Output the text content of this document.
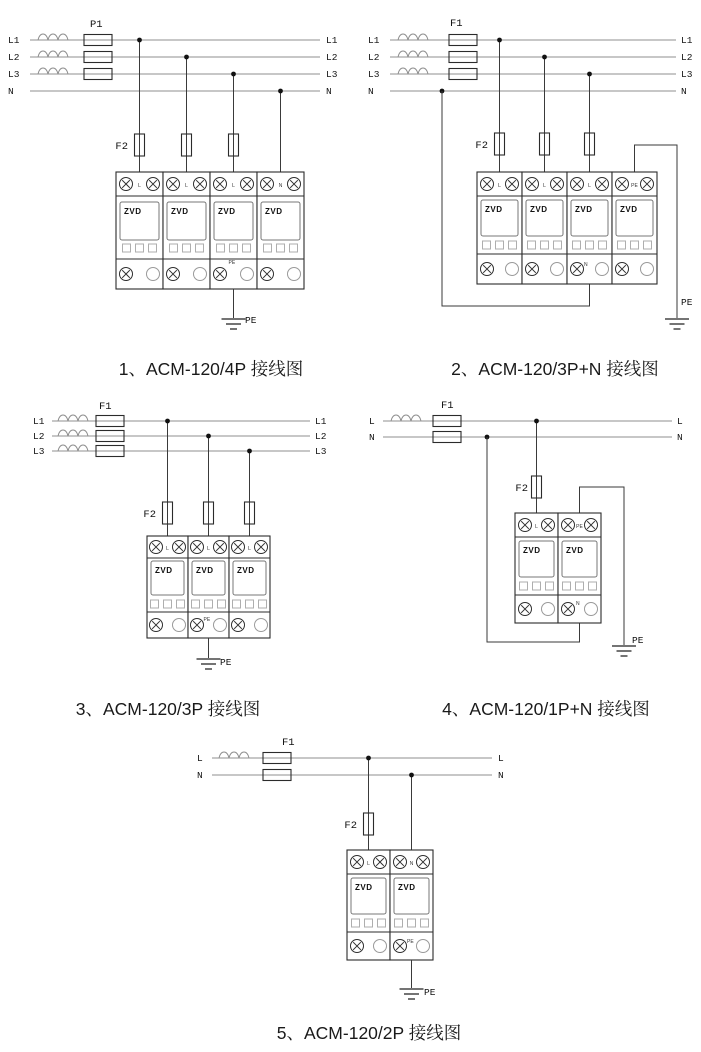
L1
L2
L3
N
L1
L2
L3
N
P1
F2
L
ZVD
L
ZVD
L
ZVD
PE
N
ZVD
PE
1、ACM-120/4P 接线图
L1
L2
L3
N
L1
L2
L3
N
F1
F2
L
ZVD
L
ZVD
L
ZVD
N
PE
ZVD
PE
2、ACM-120/3P+N 接线图
L1
L2
L3
L1
L2
L3
F1
F2
L
ZVD
L
ZVD
PE
L
ZVD
PE
3、ACM-120/3P 接线图
L
N
L
N
F1
F2
L
ZVD
PE
ZVD
N
PE
4、ACM-120/1P+N 接线图
L
N
L
N
F1
F2
L
ZVD
N
ZVD
PE
PE
5、ACM-120/2P 接线图
